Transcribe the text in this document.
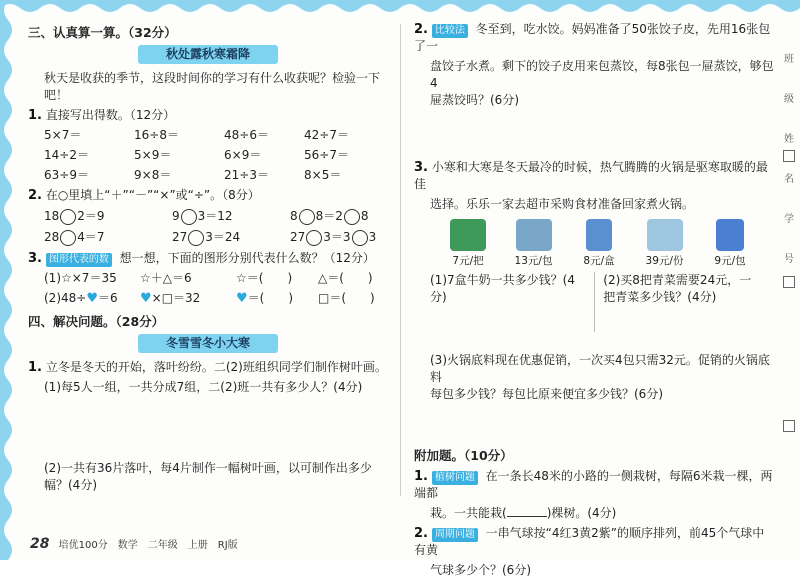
三、认真算一算。（32分）
秋处露秋寒霜降
秋天是收获的季节，这段时间你的学习有什么收获呢？检验一下吧！
1. 直接写出得数。（12分）
5×7＝	16÷8＝	48÷6＝	42÷7＝
14÷2＝	5×9＝	6×9＝	56÷7＝
63÷9＝	9×8＝	21÷3＝	8×5＝
2. 在○里填上“＋”“－”“×”或“÷”。（8分）
18 2＝9	9 3＝12	8 8＝2 8
28 4＝7	27 3＝24	27 3＝3 3
3. 图形代表的数 想一想，下面的图形分别代表什么数？（12分）
(1)☆×7＝35	☆＋△＝6	☆＝(　　)	△＝(　　)
(2)48÷♥＝6	♥×□＝32	♥＝(　　)	□＝(　　)
四、解决问题。（28分）
冬雪雪冬小大寒
1. 立冬是冬天的开始，落叶纷纷。二(2)班组织同学们制作树叶画。
(1)每5人一组，一共分成7组，二(2)班一共有多少人？(4分)
(2)一共有36片落叶，每4片制作一幅树叶画，以可制作出多少幅？(4分)
2. 比较法 冬至到，吃水饺。妈妈准备了50张饺子皮，先用16张包了一
盘饺子水煮。剩下的饺子皮用来包蒸饺，每8张包一屉蒸饺，够包4
屉蒸饺吗？(6分)
3. 小寒和大寒是冬天最冷的时候，热气腾腾的火锅是驱寒取暖的最佳
选择。乐乐一家去超市采购食材准备回家煮火锅。
7元/把	13元/包	8元/盒	39元/份	9元/包
(1)7盒牛奶一共多少钱？(4分)
(2)买8把青菜需要24元，一
把青菜多少钱？(4分)
(3)火锅底料现在优惠促销，一次买4包只需32元。促销的火锅底料
每包多少钱？每包比原来便宜多少钱？(6分)
附加题。（10分）
1. 植树问题 在一条长48米的小路的一侧栽树，每隔6米栽一棵，两端都
栽。一共能栽(	)棵树。(4分)
2. 周期问题 一串气球按“4红3黄2紫”的顺序排列，前45个气球中有黄
气球多少个？(6分)
班
级
姓
名
学
号
28 培优100分　数学　二年级　上册　RJ版
